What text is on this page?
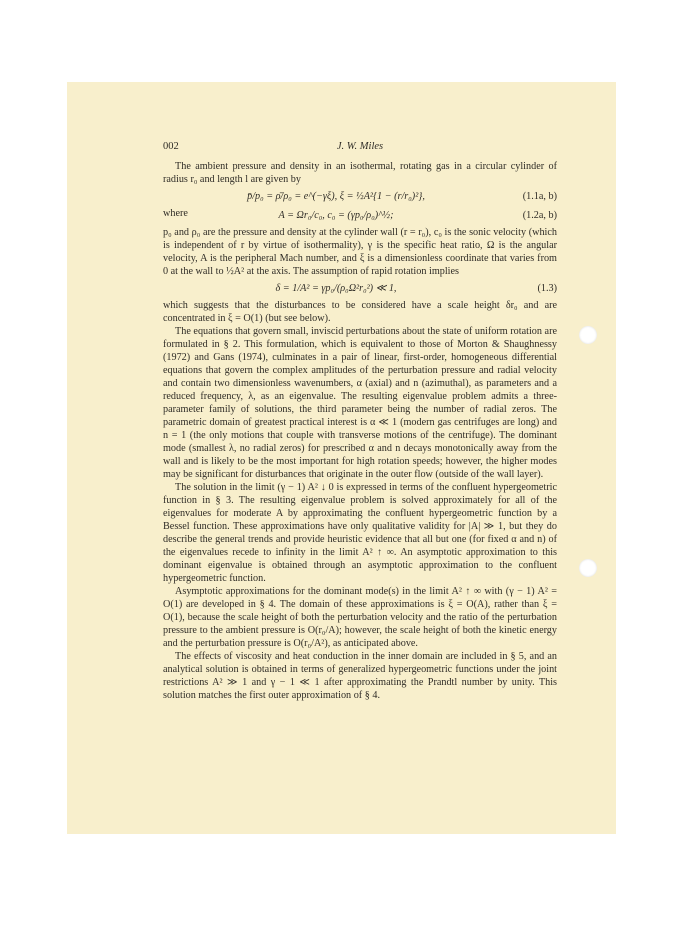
002	J. W. Miles

The ambient pressure and density in an isothermal, rotating gas in a circular cylinder of radius r₀ and length l are given by

p̄/p₀ = ρ̄/ρ₀ = e^(−γξ), ξ = ½A²{1 − (r/r₀)²},	(1.1a, b)

where	A = Ωr₀/c₀, c₀ = (γp₀/ρ₀)^½;	(1.2a, b)

p₀ and ρ₀ are the pressure and density at the cylinder wall (r = r₀), c₀ is the sonic velocity (which is independent of r by virtue of isothermality), γ is the specific heat ratio, Ω is the angular velocity, A is the peripheral Mach number, and ξ is a dimensionless coordinate that varies from 0 at the wall to ½A² at the axis. The assumption of rapid rotation implies

δ = 1/A² = γp₀/(ρ₀Ω²r₀²) ≪ 1,	(1.3)

which suggests that the disturbances to be considered have a scale height δr₀ and are concentrated in ξ = O(1) (but see below).

The equations that govern small, inviscid perturbations about the state of uniform rotation are formulated in § 2. This formulation, which is equivalent to those of Morton & Shaughnessy (1972) and Gans (1974), culminates in a pair of linear, first-order, homogeneous differential equations that govern the complex amplitudes of the perturbation pressure and radial velocity and contain two dimensionless wavenumbers, α (axial) and n (azimuthal), as parameters and a reduced frequency, λ, as an eigenvalue. The resulting eigenvalue problem admits a three-parameter family of solutions, the third parameter being the number of radial zeros. The parametric domain of greatest practical interest is α ≪ 1 (modern gas centrifuges are long) and n = 1 (the only motions that couple with transverse motions of the centrifuge). The dominant mode (smallest λ, no radial zeros) for prescribed α and n decays monotonically away from the wall and is likely to be the most important for high rotation speeds; however, the higher modes may be significant for disturbances that originate in the outer flow (outside of the wall layer).

The solution in the limit (γ − 1) A² ↓ 0 is expressed in terms of the confluent hypergeometric function in § 3. The resulting eigenvalue problem is solved approximately for all of the eigenvalues for moderate A by approximating the confluent hypergeometric function by a Bessel function. These approximations have only qualitative validity for |A| ≫ 1, but they do describe the general trends and provide heuristic evidence that all but one (for fixed α and n) of the eigenvalues recede to infinity in the limit A² ↑ ∞. An asymptotic approximation to this dominant eigenvalue is obtained through an asymptotic approximation to the confluent hypergeometric function.

Asymptotic approximations for the dominant mode(s) in the limit A² ↑ ∞ with (γ − 1) A² = O(1) are developed in § 4. The domain of these approximations is ξ = O(A), rather than ξ = O(1), because the scale height of both the perturbation velocity and the ratio of the perturbation pressure to the ambient pressure is O(r₀/A); however, the scale height of both the kinetic energy and the perturbation pressure is O(r₀/A²), as anticipated above.

The effects of viscosity and heat conduction in the inner domain are included in § 5, and an analytical solution is obtained in terms of generalized hypergeometric functions under the joint restrictions A² ≫ 1 and γ − 1 ≪ 1 after approximating the Prandtl number by unity. This solution matches the first outer approximation of § 4.
